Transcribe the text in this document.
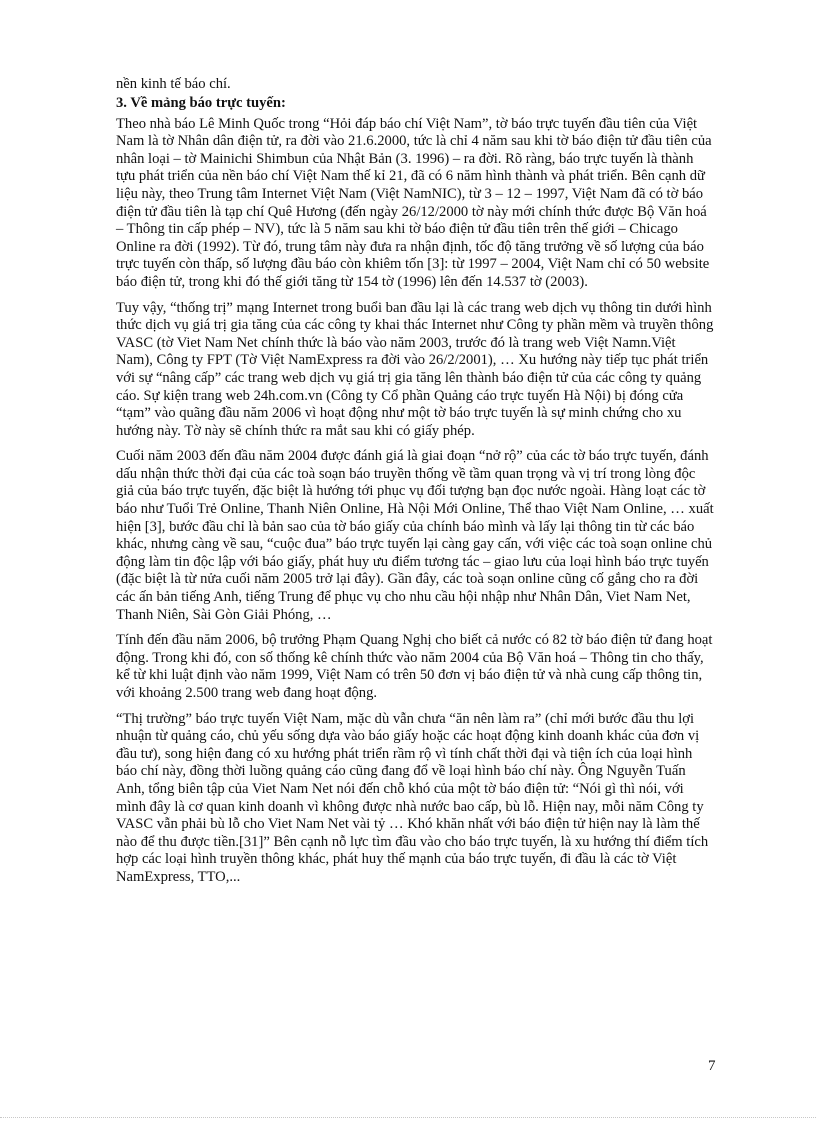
nền kinh tế báo chí.

3. Về mảng báo trực tuyến:

Theo nhà báo Lê Minh Quốc trong “Hỏi đáp báo chí Việt Nam”, tờ báo trực tuyến đầu tiên của Việt Nam là tờ Nhân dân điện tử, ra đời vào 21.6.2000, tức là chỉ 4 năm sau khi tờ báo điện tử đầu tiên của nhân loại – tờ Mainichi Shimbun của Nhật Bản (3. 1996) – ra đời. Rõ ràng, báo trực tuyến là thành tựu phát triển của nền báo chí Việt Nam thế kỉ 21, đã có 6 năm hình thành và phát triển. Bên cạnh dữ liệu này, theo Trung tâm Internet Việt Nam (Việt NamNIC), từ 3 – 12 – 1997, Việt Nam đã có tờ báo điện tử đầu tiên là tạp chí Quê Hương (đến ngày 26/12/2000 tờ này mới chính thức được Bộ Văn hoá – Thông tin cấp phép – NV), tức là 5 năm sau khi tờ báo điện tử đầu tiên trên thế giới – Chicago Online ra đời (1992). Từ đó, trung tâm này đưa ra nhận định, tốc độ tăng trưởng về số lượng của báo trực tuyến còn thấp, số lượng đầu báo còn khiêm tốn [3]: từ 1997 – 2004, Việt Nam chỉ có 50 website báo điện tử, trong khi đó thế giới tăng từ 154 tờ (1996) lên đến 14.537 tờ (2003).

Tuy vậy, “thống trị” mạng Internet trong buổi ban đầu lại là các trang web dịch vụ thông tin dưới hình thức dịch vụ giá trị gia tăng của các công ty khai thác Internet như Công ty phần mềm và truyền thông VASC (tờ Viet Nam Net chính thức là báo vào năm 2003, trước đó là trang web Việt Namn.Việt Nam), Công ty FPT (Tờ Việt NamExpress ra đời vào 26/2/2001), … Xu hướng này tiếp tục phát triển với sự “nâng cấp” các trang web dịch vụ giá trị gia tăng lên thành báo điện tử của các công ty quảng cáo. Sự kiện trang web 24h.com.vn (Công ty Cổ phần Quảng cáo trực tuyến Hà Nội) bị đóng cửa “tạm” vào quãng đầu năm 2006 vì hoạt động như một tờ báo trực tuyến là sự minh chứng cho xu hướng này. Tờ này sẽ chính thức ra mắt sau khi có giấy phép.

Cuối năm 2003 đến đầu năm 2004 được đánh giá là giai đoạn “nở rộ” của các tờ báo trực tuyến, đánh dấu nhận thức thời đại của các toà soạn báo truyền thống về tầm quan trọng và vị trí trong lòng độc giả của báo trực tuyến, đặc biệt là hướng tới phục vụ đối tượng bạn đọc nước ngoài. Hàng loạt các tờ báo như Tuổi Trẻ Online, Thanh Niên Online, Hà Nội Mới Online, Thể thao Việt Nam Online, … xuất hiện [3], bước đầu chỉ là bản sao của tờ báo giấy của chính báo mình và lấy lại thông tin từ các báo khác, nhưng càng về sau, “cuộc đua” báo trực tuyến lại càng gay cấn, với việc các toà soạn online chủ động làm tin độc lập với báo giấy, phát huy ưu điểm tương tác – giao lưu của loại hình báo trực tuyến (đặc biệt là từ nửa cuối năm 2005 trở lại đây). Gần đây, các toà soạn online cũng cố gắng cho ra đời các ấn bản tiếng Anh, tiếng Trung để phục vụ cho nhu cầu hội nhập như Nhân Dân, Viet Nam Net, Thanh Niên, Sài Gòn Giải Phóng, …

Tính đến đầu năm 2006, bộ trưởng Phạm Quang Nghị cho biết cả nước có 82 tờ báo điện tử đang hoạt động. Trong khi đó, con số thống kê chính thức vào năm 2004 của Bộ Văn hoá – Thông tin cho thấy, kể từ khi luật định vào năm 1999, Việt Nam có trên 50 đơn vị báo điện tử và nhà cung cấp thông tin, với khoảng 2.500 trang web đang hoạt động.

“Thị trường” báo trực tuyến Việt Nam, mặc dù vẫn chưa “ăn nên làm ra” (chỉ mới bước đầu thu lợi nhuận từ quảng cáo, chủ yếu sống dựa vào báo giấy hoặc các hoạt động kinh doanh khác của đơn vị đầu tư), song hiện đang có xu hướng phát triển rầm rộ vì tính chất thời đại và tiện ích của loại hình báo chí này, đồng thời luồng quảng cáo cũng đang đổ về loại hình báo chí này. Ông Nguyễn Tuấn Anh, tổng biên tập của Viet Nam Net nói đến chỗ khó của một tờ báo điện tử: “Nói gì thì nói, với mình đây là cơ quan kinh doanh vì không được nhà nước bao cấp, bù lỗ. Hiện nay, mỗi năm Công ty VASC vẫn phải bù lỗ cho Viet Nam Net vài tỷ … Khó khăn nhất với báo điện tử hiện nay là làm thế nào để thu được tiền.[31]” Bên cạnh nỗ lực tìm đầu vào cho báo trực tuyến, là xu hướng thí điểm tích hợp các loại hình truyền thông khác, phát huy thế mạnh của báo trực tuyến, đi đầu là các tờ Việt NamExpress, TTO,...

7
